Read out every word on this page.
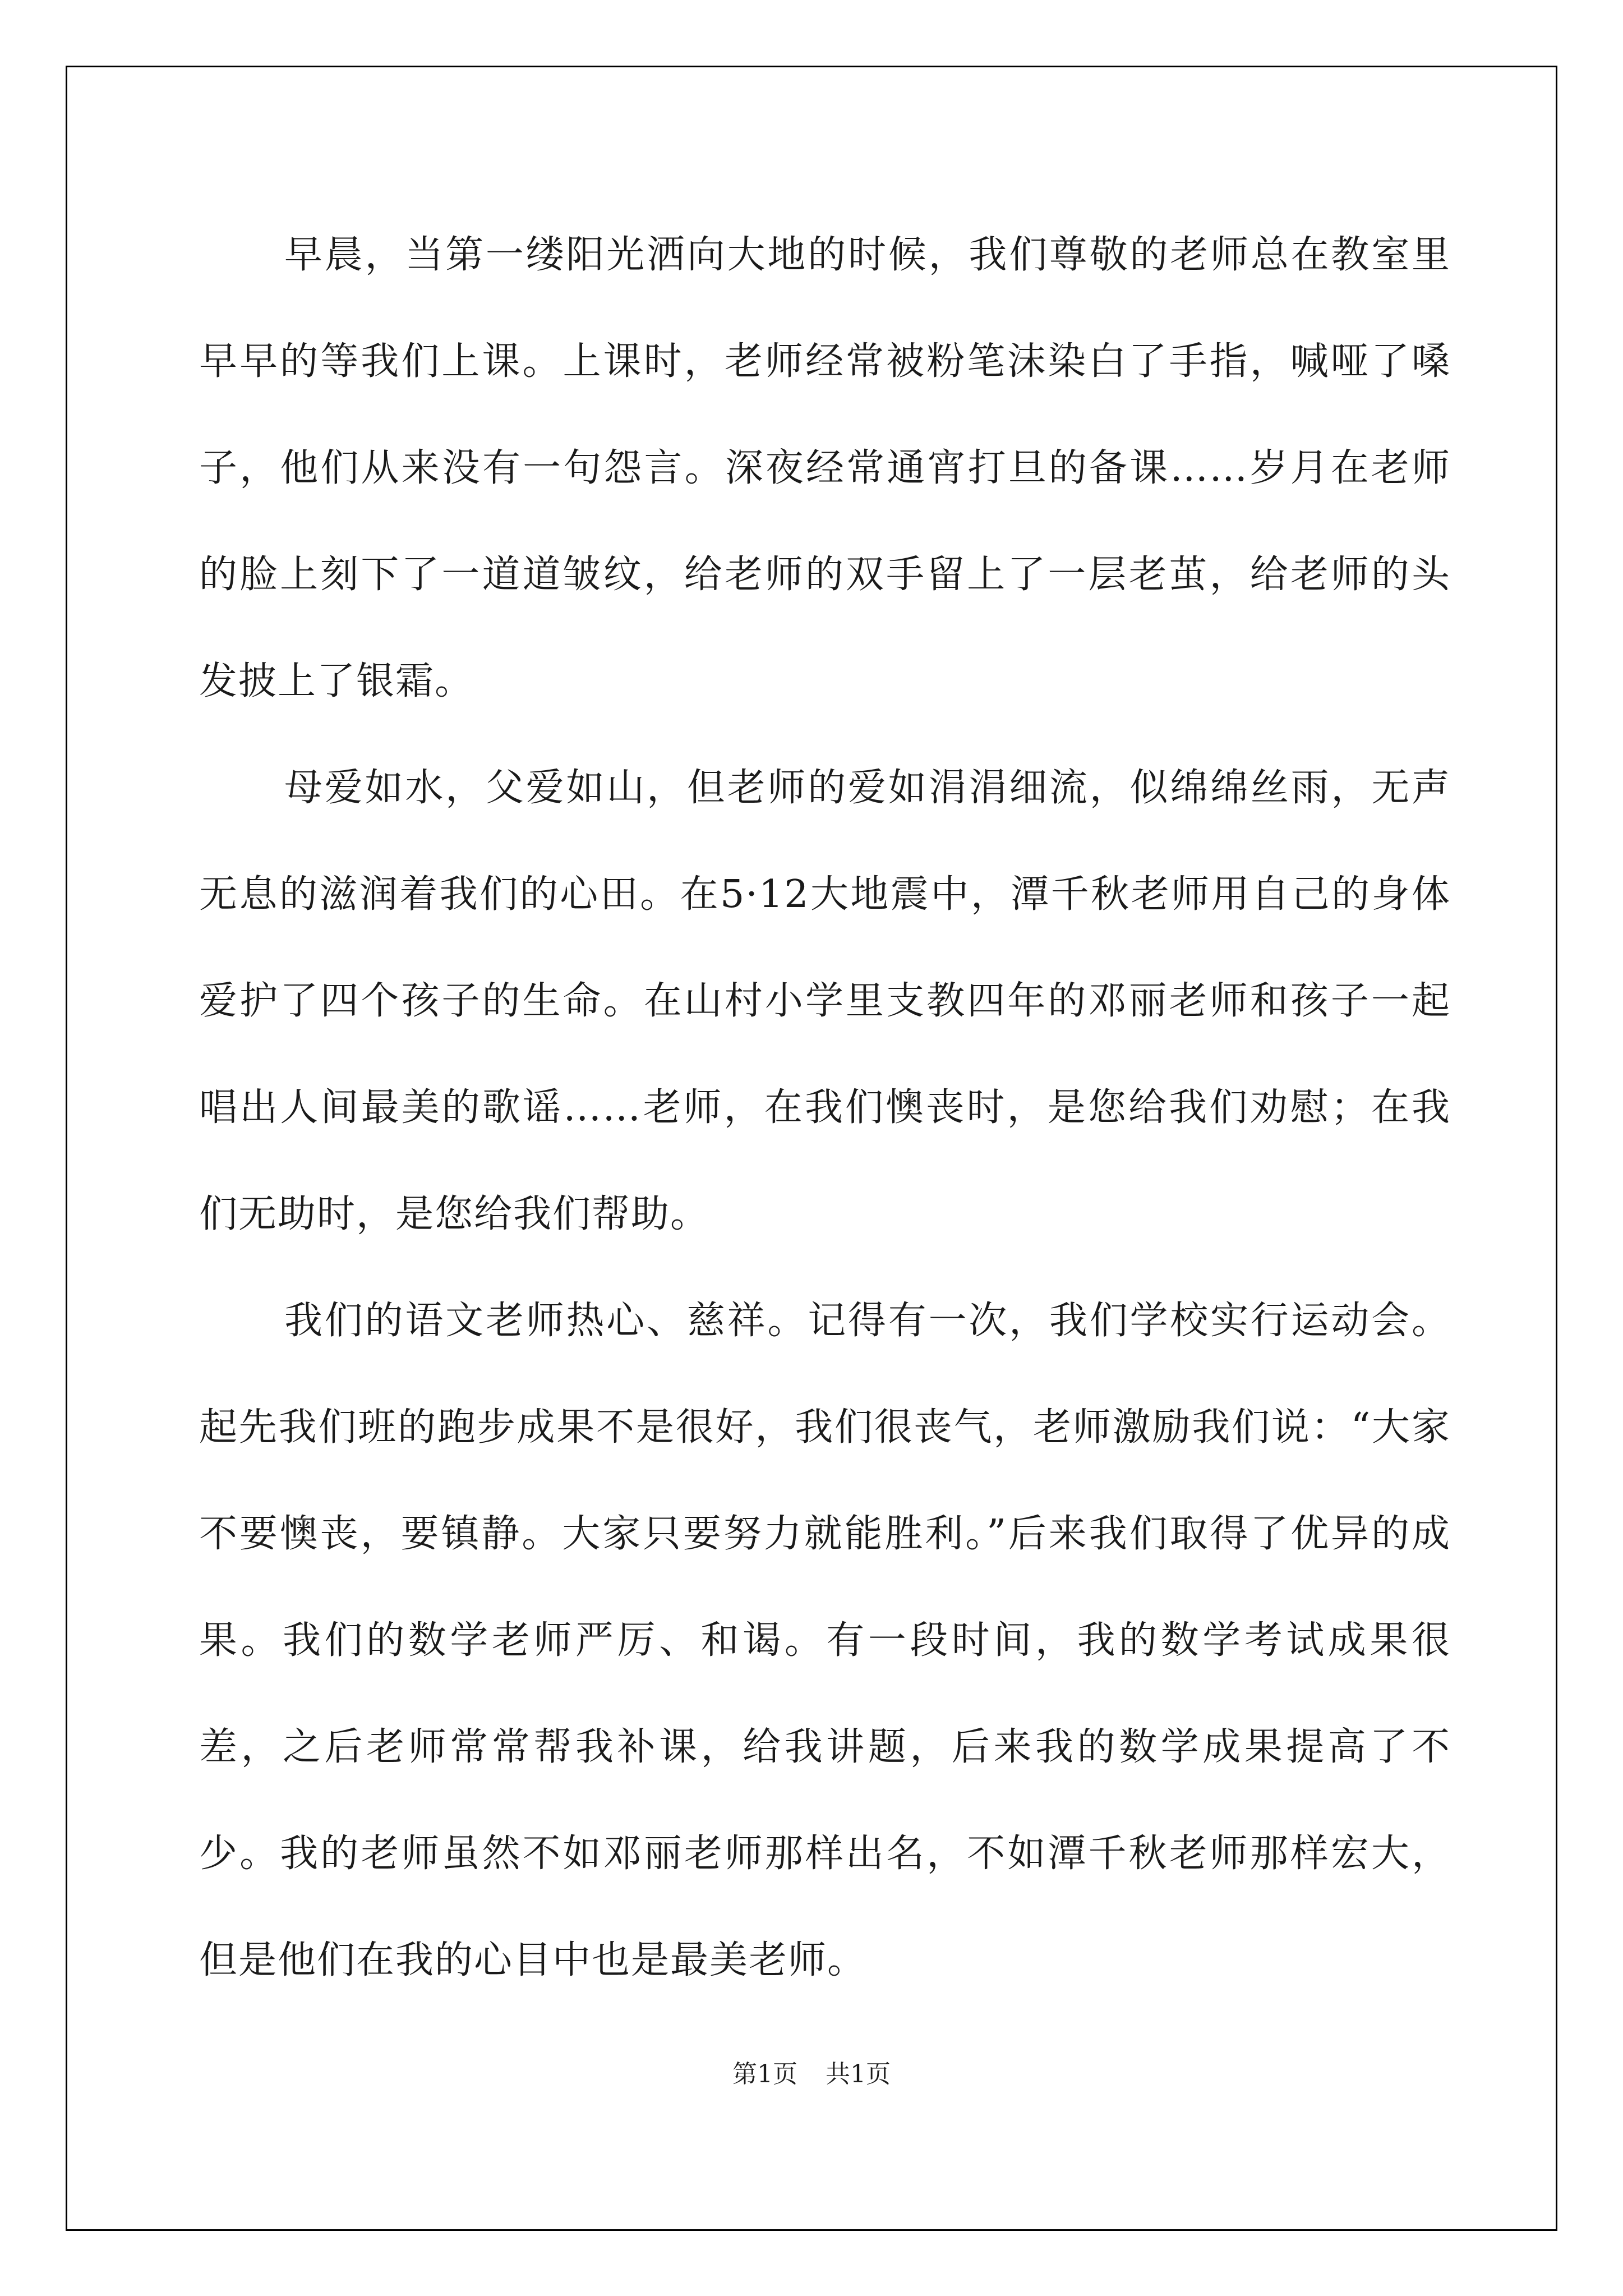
早晨，当第一缕阳光洒向大地的时候，我们尊敬的老师总在教室里早早的等我们上课。上课时，老师经常被粉笔沫染白了手指，喊哑了嗓子，他们从来没有一句怨言。深夜经常通宵打旦的备课……岁月在老师的脸上刻下了一道道皱纹，给老师的双手留上了一层老茧，给老师的头发披上了银霜。

母爱如水，父爱如山，但老师的爱如涓涓细流，似绵绵丝雨，无声无息的滋润着我们的心田。在5·12大地震中，潭千秋老师用自己的身体爱护了四个孩子的生命。在山村小学里支教四年的邓丽老师和孩子一起唱出人间最美的歌谣……老师，在我们懊丧时，是您给我们劝慰；在我们无助时，是您给我们帮助。

我们的语文老师热心、慈祥。记得有一次，我们学校实行运动会。起先我们班的跑步成果不是很好，我们很丧气，老师激励我们说：“大家不要懊丧，要镇静。大家只要努力就能胜利。”后来我们取得了优异的成果。我们的数学老师严厉、和谒。有一段时间，我的数学考试成果很差，之后老师常常帮我补课，给我讲题，后来我的数学成果提高了不少。我的老师虽然不如邓丽老师那样出名，不如潭千秋老师那样宏大，但是他们在我的心目中也是最美老师。

第1页 共1页
